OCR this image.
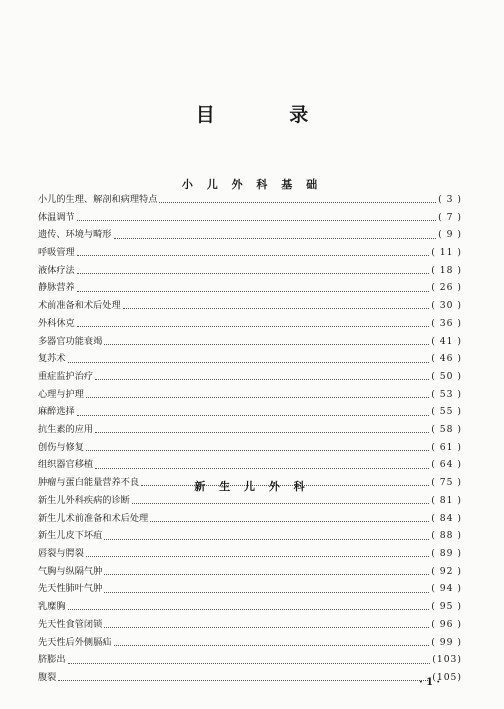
目 录
小 儿 外 科 基 础
小儿的生理、解剖和病理特点	( 3 )
体温调节	( 7 )
遗传、环境与畸形	( 9 )
呼吸管理	( 11 )
液体疗法	( 18 )
静脉营养	( 26 )
术前准备和术后处理	( 30 )
外科休克	( 36 )
多器官功能衰竭	( 41 )
复苏术	( 46 )
重症监护治疗	( 50 )
心理与护理	( 53 )
麻醉选择	( 55 )
抗生素的应用	( 58 )
创伤与修复	( 61 )
组织器官移植	( 64 )
肿瘤与蛋白能量营养不良	( 75 )
新 生 儿 外 科
新生儿外科疾病的诊断	( 81 )
新生儿术前准备和术后处理	( 84 )
新生儿皮下坏疽	( 88 )
唇裂与腭裂	( 89 )
气胸与纵隔气肿	( 92 )
先天性肺叶气肿	( 94 )
乳糜胸	( 95 )
先天性食管闭锁	( 96 )
先天性后外侧膈疝	( 99 )
脐膨出	(103)
腹裂	(105)
· 1 ·
